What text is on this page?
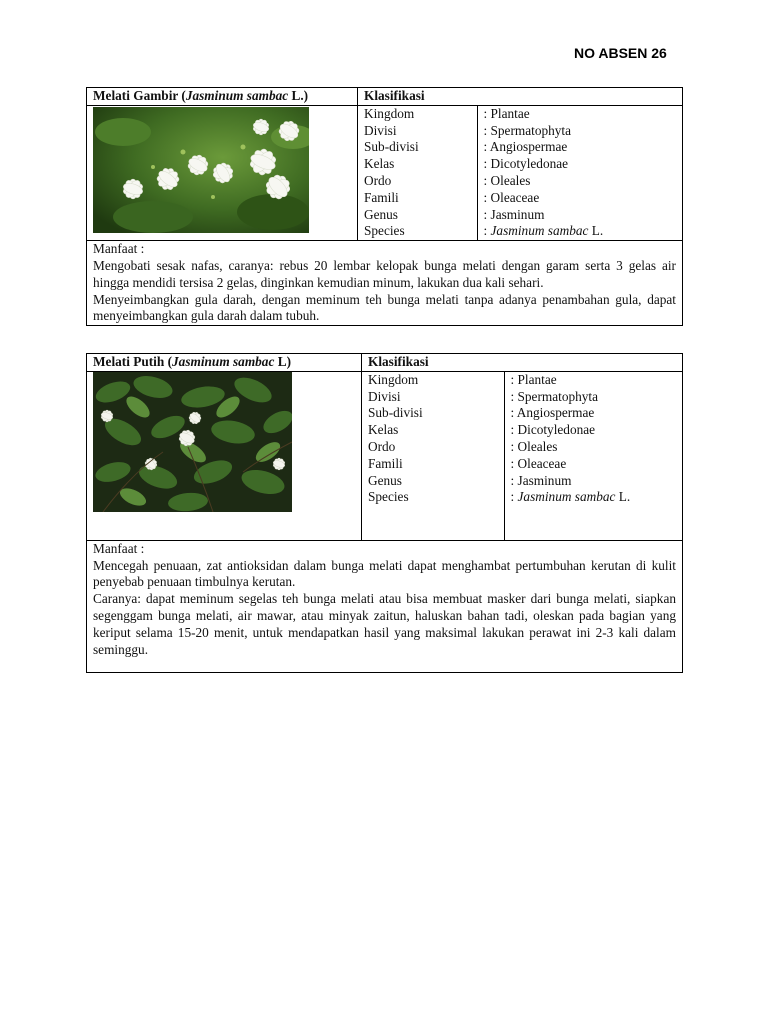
NO ABSEN 26
Melati Gambir (Jasminum sambac L.)	Klasifikasi

Kingdom	: Plantae
Divisi	: Spermatophyta
Sub-divisi	: Angiospermae
Kelas	: Dicotyledonae
Ordo	: Oleales
Famili	: Oleaceae
Genus	: Jasminum
Species	: Jasminum sambac L.

Manfaat :

Mengobati sesak nafas, caranya: rebus 20 lembar kelopak bunga melati dengan garam serta 3 gelas air hingga mendidi tersisa 2 gelas, dinginkan kemudian minum, lakukan dua kali sehari.

Menyeimbangkan gula darah, dengan meminum teh bunga melati tanpa adanya penambahan gula, dapat menyeimbangkan gula darah dalam tubuh.

Melati Putih (Jasminum sambac L)	Klasifikasi

Kingdom	: Plantae
Divisi	: Spermatophyta
Sub-divisi	: Angiospermae
Kelas	: Dicotyledonae
Ordo	: Oleales
Famili	: Oleaceae
Genus	: Jasminum
Species	: Jasminum sambac L.

Manfaat :

Mencegah penuaan, zat antioksidan dalam bunga melati dapat menghambat pertumbuhan kerutan di kulit penyebab penuaan timbulnya kerutan.

Caranya: dapat meminum segelas teh bunga melati atau bisa membuat masker dari bunga melati, siapkan segenggam bunga melati, air mawar, atau minyak zaitun, haluskan bahan tadi, oleskan pada bagian yang keriput selama 15-20 menit, untuk mendapatkan hasil yang maksimal lakukan perawat ini 2-3 kali dalam seminggu.
